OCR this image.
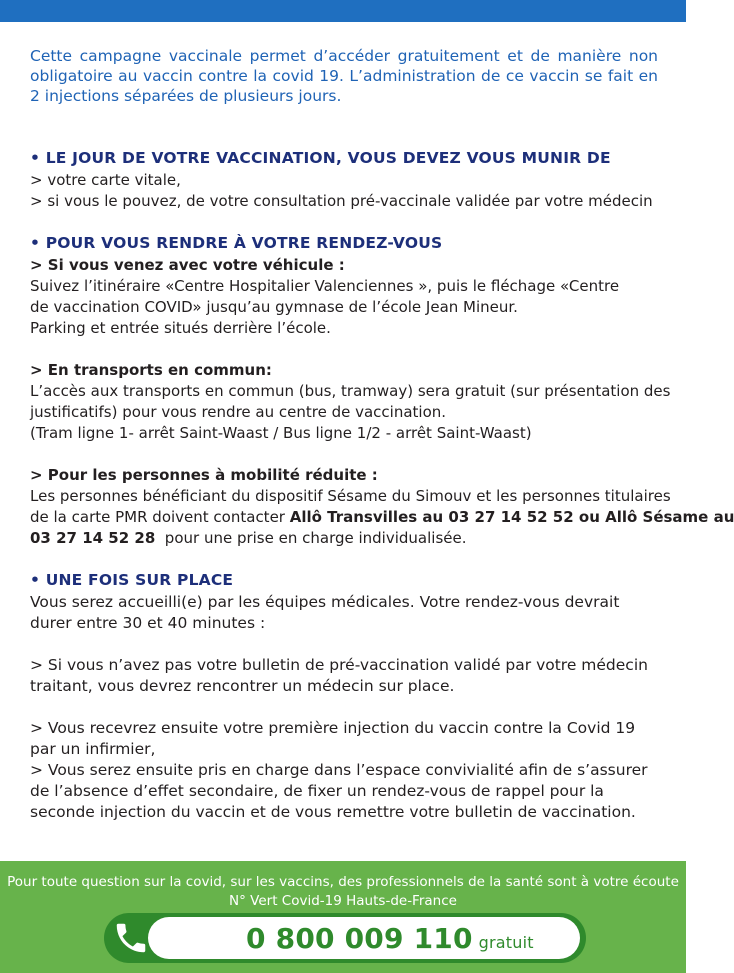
Cette campagne vaccinale permet d’accéder gratuitement et de manière non obligatoire au vaccin contre la covid 19. L’administration de ce vaccin se fait en 2 injections séparées de plusieurs jours.

• LE JOUR DE VOTRE VACCINATION, VOUS DEVEZ VOUS MUNIR DE

> votre carte vitale,

> si vous le pouvez, de votre consultation pré-vaccinale validée par votre médecin

• POUR VOUS RENDRE À VOTRE RENDEZ-VOUS

> Si vous venez avec votre véhicule :

Suivez l’itinéraire «Centre Hospitalier Valenciennes », puis le fléchage «Centre

de vaccination COVID» jusqu’au gymnase de l’école Jean Mineur.

Parking et entrée situés derrière l’école.

> En transports en commun:

L’accès aux transports en commun (bus, tramway) sera gratuit (sur présentation des

justificatifs) pour vous rendre au centre de vaccination.

(Tram ligne 1- arrêt Saint-Waast / Bus ligne 1/2 - arrêt Saint-Waast)

> Pour les personnes à mobilité réduite :

Les personnes bénéficiant du dispositif Sésame du Simouv et les personnes titulaires

de la carte PMR doivent contacter Allô Transvilles au 03 27 14 52 52 ou Allô Sésame au

03 27 14 52 28  pour une prise en charge individualisée.

• UNE FOIS SUR PLACE

Vous serez accueilli(e) par les équipes médicales. Votre rendez-vous devrait durer entre 30 et 40 minutes :

> Si vous n’avez pas votre bulletin de pré-vaccination validé par votre médecin traitant, vous devrez rencontrer un médecin sur place.

> Vous recevrez ensuite votre première injection du vaccin contre la Covid 19 par un infirmier,

> Vous serez ensuite pris en charge dans l’espace convivialité afin de s’assurer de l’absence d’effet secondaire, de fixer un rendez-vous de rappel pour la seconde injection du vaccin et de vous remettre votre bulletin de vaccination.

Pour toute question sur la covid, sur les vaccins, des professionnels de la santé sont à votre écoute
N° Vert Covid-19 Hauts-de-France
0 800 009 110 gratuit
